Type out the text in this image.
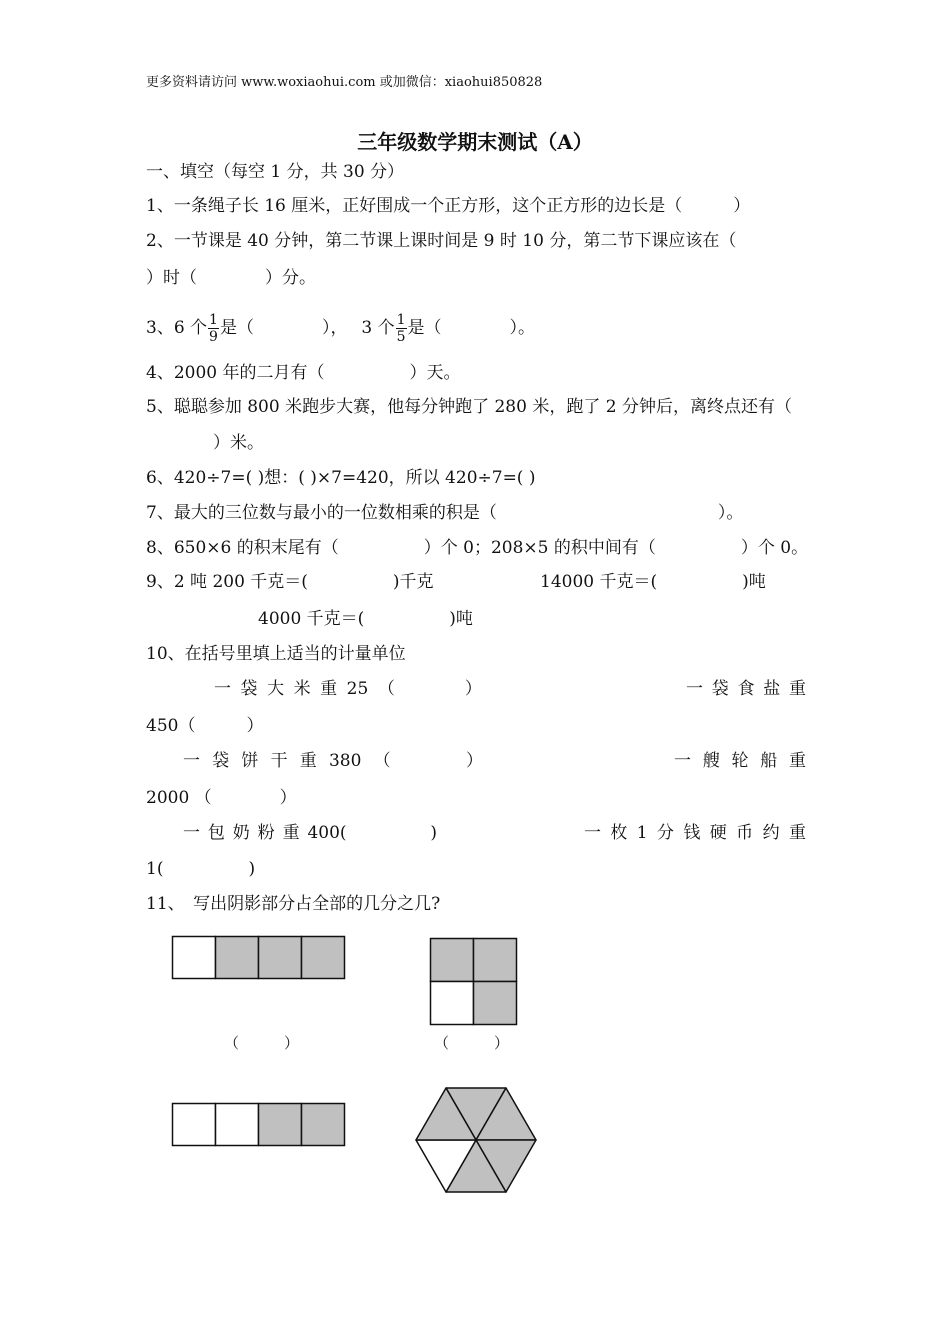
更多资料请访问 www.woxiaohui.com 或加微信：xiaohui850828
三年级数学期末测试（A）
一、填空（每空 1 分，共 30 分）
1、一条绳子长 16 厘米，正好围成一个正方形，这个正方形的边长是（　　　）
2、一节课是 40 分钟，第二节课上课时间是 9 时 10 分，第二节下课应该在（
）时（　　　　）分。
3、6 个 $\frac{1}{9}$ 是（　　　　），　 3 个 $\frac{1}{5}$ 是（　　　　）。
4、2000 年的二月有（　　　　　）天。
5、聪聪参加 800 米跑步大赛，他每分钟跑了 280 米，跑了 2 分钟后，离终点还有（
）米。
6、420÷7=( )想：( )×7=420，所以 420÷7=( )
7、最大的三位数与最小的一位数相乘的积是（　　　　　　　　　　　　　）。
8、650×6 的积末尾有（　　　　　）个 0；208×5 的积中间有（　　　　　）个 0。
9、2 吨 200 千克＝(　　　　　)千克	14000 千克＝(　　　　　)吨
4000 千克＝(　　　　　)吨
10、在括号里填上适当的计量单位
一 袋 大 米 重 25 （
　　　	）	一 袋 食 盐 重
450（　　　）
一 袋 饼 干 重 380 （
　　　	）	一 艘 轮 船 重
2000 （　　　　）
一 包 奶 粉 重 400(
　　　　	)	一 枚 1 分 钱 硬 币 约 重
1(　　　　　)
11、　写出阴影部分占全部的几分之几?
（　　　）	（　　　）
